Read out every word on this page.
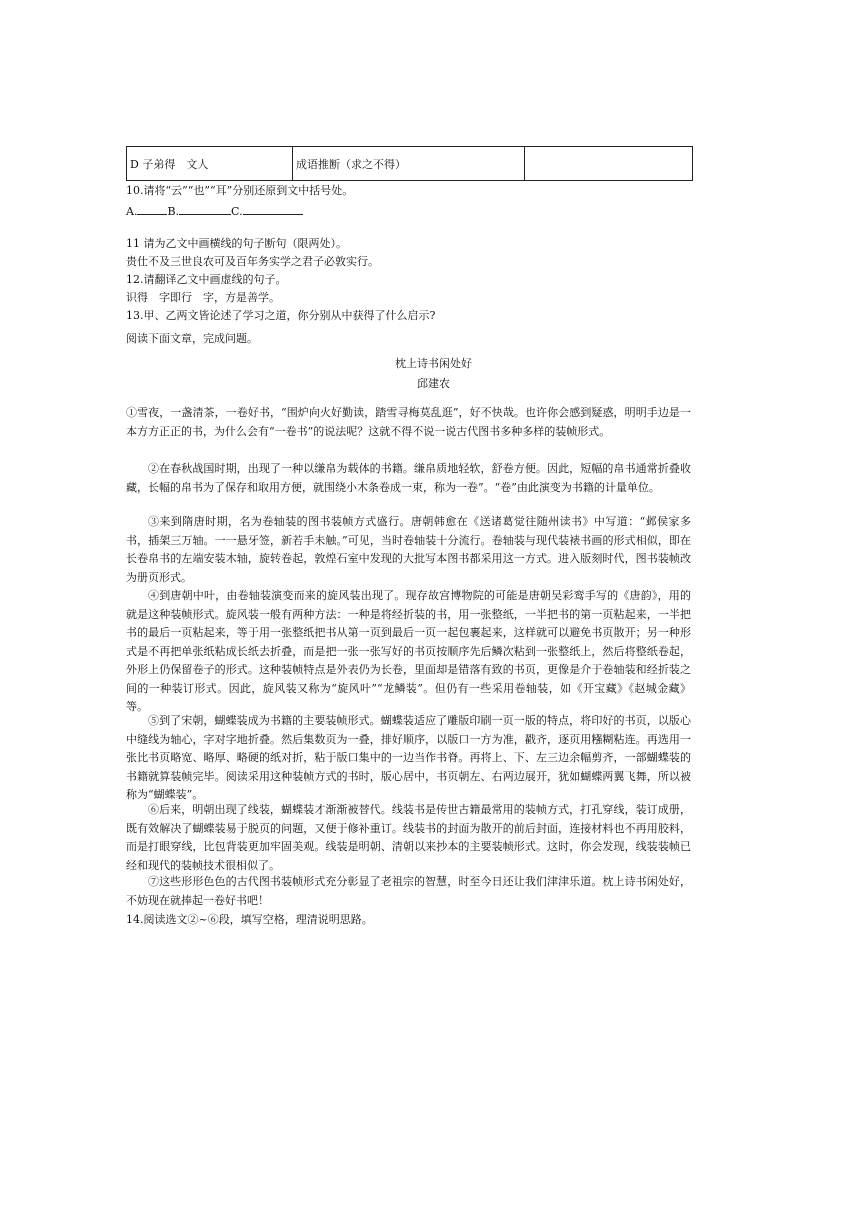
D 子弟得　文人	成语推断（求之不得）	
10.请将“云”“也”“耳”分别还原到文中括号处。
A.	B.	C.
11 请为乙文中画横线的句子断句（限两处）。
贵仕不及三世良农可及百年务实学之君子必敦实行。
12.请翻译乙文中画虚线的句子。
识得　字即行　字，方是善学。
13.甲、乙两文皆论述了学习之道，你分别从中获得了什么启示?
阅读下面文章，完成问题。
枕上诗书闲处好
邱建农
①雪夜，一盏清茶，一卷好书，“围炉向火好勤读，踏雪寻梅莫乱逛”，好不快哉。也许你会感到疑惑，明明手边是一本方方正正的书，为什么会有“一卷书”的说法呢？这就不得不说一说古代图书多种多样的装帧形式。
②在春秋战国时期，出现了一种以缣帛为载体的书籍。缣帛质地轻软，舒卷方便。因此，短幅的帛书通常折叠收藏，长幅的帛书为了保存和取用方便，就围绕小木条卷成一束，称为一卷”。“卷”由此演变为书籍的计量单位。
③来到隋唐时期，名为卷轴装的图书装帧方式盛行。唐朝韩愈在《送诸葛觉往随州读书》中写道：“邺侯家多书，插架三万轴。一一悬牙签，新若手未触。”可见，当时卷轴装十分流行。卷轴装与现代装裱书画的形式相似，即在长卷帛书的左端安装木轴，旋转卷起，敦煌石室中发现的大批写本图书都采用这一方式。进入版刻时代，图书装帧改为册页形式。
④到唐朝中叶，由卷轴装演变而来的旋风装出现了。现存故宫博物院的可能是唐朝吴彩鸾手写的《唐韵》，用的就是这种装帧形式。旋风装一般有两种方法：一种是将经折装的书，用一张整纸，一半把书的第一页粘起来，一半把书的最后一页粘起来，等于用一张整纸把书从第一页到最后一页一起包裹起来，这样就可以避免书页散开；另一种形式是不再把单张纸粘成长纸去折叠，而是把一张一张写好的书页按顺序先后鳞次粘到一张整纸上，然后将整纸卷起，外形上仍保留卷子的形式。这种装帧特点是外表仍为长卷，里面却是错落有致的书页，更像是介于卷轴装和经折装之间的一种装订形式。因此，旋风装又称为“旋风叶”“龙鳞装”。但仍有一些采用卷轴装，如《开宝藏》《赵城金藏》等。
⑤到了宋朝，蝴蝶装成为书籍的主要装帧形式。蝴蝶装适应了雕版印刷一页一版的特点，将印好的书页，以版心中缝线为轴心，字对字地折叠。然后集数页为一叠，排好顺序，以版口一方为准，戳齐，逐页用糨糊粘连。再选用一张比书页略宽、略厚、略硬的纸对折，粘于版口集中的一边当作书脊。再将上、下、左三边余幅剪齐，一部蝴蝶装的书籍就算装帧完毕。阅读采用这种装帧方式的书时，版心居中，书页朝左、右两边展开，犹如蝴蝶两翼飞舞，所以被称为“蝴蝶装”。
⑥后来，明朝出现了线装，蝴蝶装才渐渐被替代。线装书是传世古籍最常用的装帧方式，打孔穿线，装订成册，既有效解决了蝴蝶装易于脱页的问题，又便于修补重订。线装书的封面为散开的前后封面，连接材料也不再用胶料，而是打眼穿线，比包背装更加牢固美观。线装是明朝、清朝以来抄本的主要装帧形式。这时，你会发现，线装装帧已经和现代的装帧技术很相似了。
⑦这些形形色色的古代图书装帧形式充分彰显了老祖宗的智慧，时至今日还让我们津津乐道。枕上诗书闲处好，不妨现在就捧起一卷好书吧！
14.阅读选文②~⑥段，填写空格，理清说明思路。
